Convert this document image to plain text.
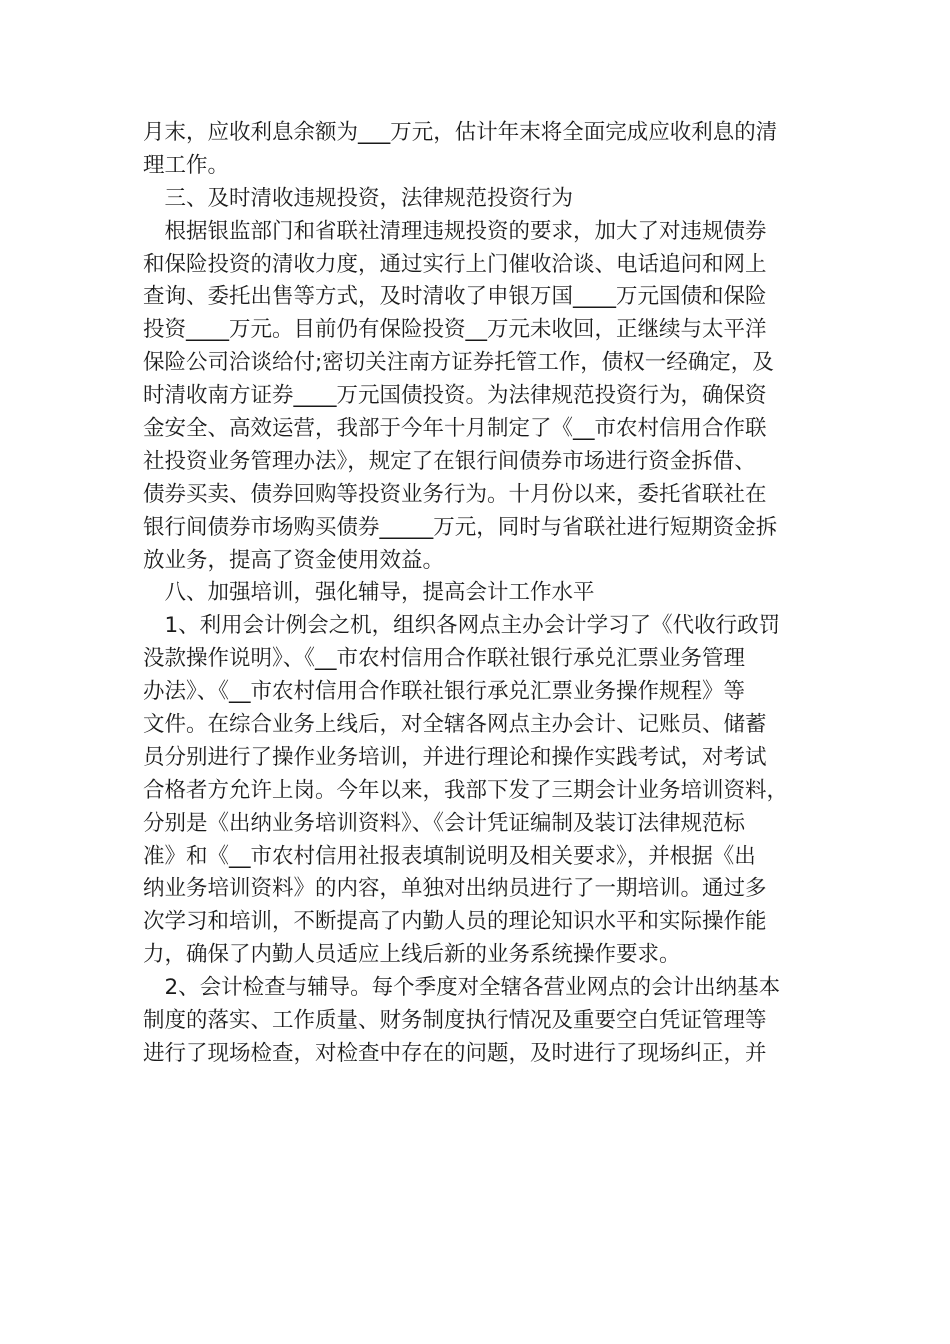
月末，应收利息余额为___万元，估计年末将全面完成应收利息的清
理工作。
　三、及时清收违规投资，法律规范投资行为
　根据银监部门和省联社清理违规投资的要求，加大了对违规债券
和保险投资的清收力度，通过实行上门催收洽谈、电话追问和网上
查询、委托出售等方式，及时清收了申银万国____万元国债和保险
投资____万元。目前仍有保险投资__万元未收回，正继续与太平洋
保险公司洽谈给付;密切关注南方证券托管工作，债权一经确定，及
时清收南方证券____万元国债投资。为法律规范投资行为，确保资
金安全、高效运营，我部于今年十月制定了《__市农村信用合作联
社投资业务管理办法》，规定了在银行间债券市场进行资金拆借、
债券买卖、债券回购等投资业务行为。十月份以来，委托省联社在
银行间债券市场购买债券_____万元，同时与省联社进行短期资金拆
放业务，提高了资金使用效益。
　八、加强培训，强化辅导，提高会计工作水平
　1、利用会计例会之机，组织各网点主办会计学习了《代收行政罚
没款操作说明》、《__市农村信用合作联社银行承兑汇票业务管理
办法》、《__市农村信用合作联社银行承兑汇票业务操作规程》等
文件。在综合业务上线后，对全辖各网点主办会计、记账员、储蓄
员分别进行了操作业务培训，并进行理论和操作实践考试，对考试
合格者方允许上岗。今年以来，我部下发了三期会计业务培训资料，
分别是《出纳业务培训资料》、《会计凭证编制及装订法律规范标
准》和《__市农村信用社报表填制说明及相关要求》，并根据《出
纳业务培训资料》的内容，单独对出纳员进行了一期培训。通过多
次学习和培训，不断提高了内勤人员的理论知识水平和实际操作能
力，确保了内勤人员适应上线后新的业务系统操作要求。
　2、会计检查与辅导。每个季度对全辖各营业网点的会计出纳基本
制度的落实、工作质量、财务制度执行情况及重要空白凭证管理等
进行了现场检查，对检查中存在的问题，及时进行了现场纠正，并
